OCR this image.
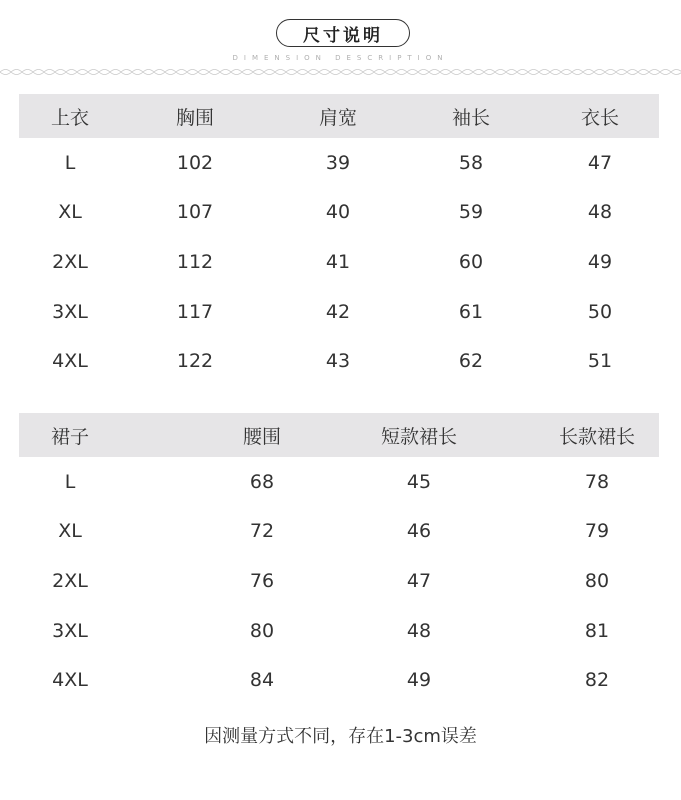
尺寸说明
DIMENSION DESCRIPTION
上衣	胸围	肩宽	袖长	衣长
L	102	39	58	47
XL	107	40	59	48
2XL	112	41	60	49
3XL	117	42	61	50
4XL	122	43	62	51
裙子	腰围	短款裙长	长款裙长
L	68	45	78
XL	72	46	79
2XL	76	47	80
3XL	80	48	81
4XL	84	49	82
因测量方式不同，存在1-3cm误差
